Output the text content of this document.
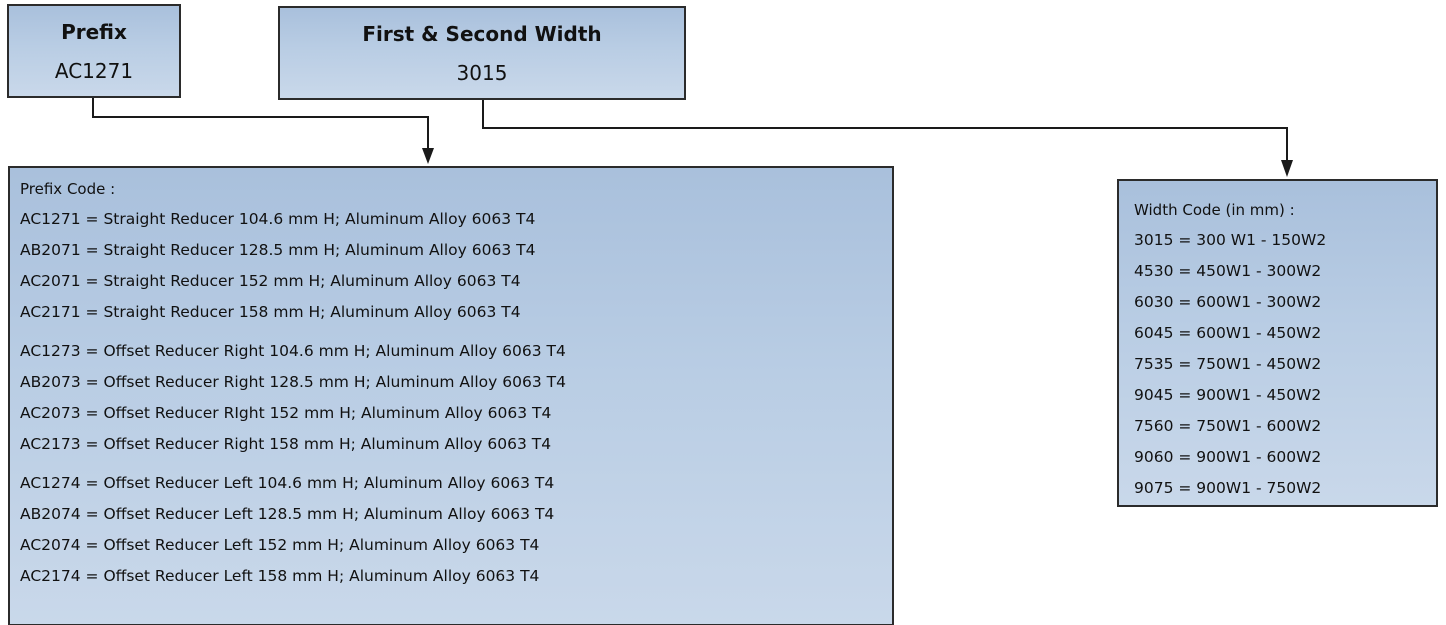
Prefix
AC1271
First & Second Width
3015
Prefix Code :
AC1271 = Straight Reducer 104.6 mm H; Aluminum Alloy 6063 T4
AB2071 = Straight Reducer 128.5 mm H; Aluminum Alloy 6063 T4
AC2071 = Straight Reducer 152 mm H; Aluminum Alloy 6063 T4
AC2171 = Straight Reducer 158 mm H; Aluminum Alloy 6063 T4
AC1273 = Offset Reducer Right 104.6 mm H; Aluminum Alloy 6063 T4
AB2073 = Offset Reducer Right 128.5 mm H; Aluminum Alloy 6063 T4
AC2073 = Offset Reducer RIght 152 mm H; Aluminum Alloy 6063 T4
AC2173 = Offset Reducer Right 158 mm H; Aluminum Alloy 6063 T4
AC1274 = Offset Reducer Left 104.6 mm H; Aluminum Alloy 6063 T4
AB2074 = Offset Reducer Left 128.5 mm H; Aluminum Alloy 6063 T4
AC2074 = Offset Reducer Left 152 mm H; Aluminum Alloy 6063 T4
AC2174 = Offset Reducer Left 158 mm H; Aluminum Alloy 6063 T4
Width Code (in mm) :
3015 = 300 W1 - 150W2
4530 = 450W1 - 300W2
6030 = 600W1 - 300W2
6045 = 600W1 - 450W2
7535 = 750W1 - 450W2
9045 = 900W1 - 450W2
7560 = 750W1 - 600W2
9060 = 900W1 - 600W2
9075 = 900W1 - 750W2
